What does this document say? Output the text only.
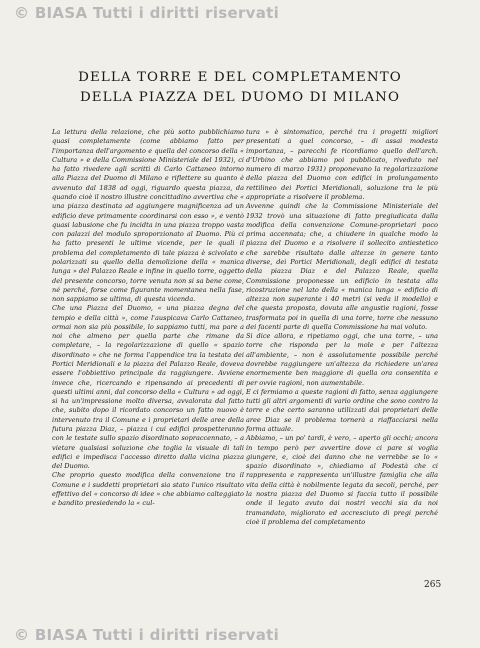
© BIASA Tutti i diritti riservati
DELLA TORRE E DEL COMPLETAMENTO
DELLA PIAZZA DEL DUOMO DI MILANO

La lettura della relazione, che più sotto pubblichiamo quasi completamente (come abbiamo fatto per l'importanza dell'argomento e quella del concorso della « Cultura » e della Commissione Ministeriale del 1932), ci ha fatto rivedere agli scritti di Carlo Cattaneo intorno alla Piazza del Duomo di Milano e riflettere su quanto è avvenuto dal 1838 ad oggi, riguardo questa piazza, da quando cioè il nostro illustre concittadino avvertiva che « una piazza destinata ad aggiungere magnificenza ad un edificio deve primamente coordinarsi con esso », e ventò quasi labusione che fu incidta in una piazza troppo vasta con palazzi del modulo sproporzionato al Duomo. Più ci ha fatto presenti le ultime vicende, per le quali il problema del completamento di tale piazza è scivolato e polarizzati su quello della demolizione della « manica lunga » del Palazzo Reale e infine in quello torre, oggetto del presente concorso, torre venuta non si sa bene come, né perché, forse come figurante momentanea nella fase, non sappiamo se ultima, di questa vicenda.

Che una Piazza del Duomo, « una piazza degna del tempio e della città », come l'auspicava Carlo Cattaneo, ormai non sia più possibile, lo sappiamo tutti, ma pare a noi che almeno per quella parte che rimane da completare, – la regolarizzazione di quello « spazio disordinato » che ne forma l'appendice tra la testata dei Portici Meridionali e la piazza del Palazzo Reale, doveva essere l'obbiettivo principale da raggiungere. Avviene invece che, ricercando e ripensando ai precedenti di questi ultimi anni, dal concorso della « Cultura » ad oggi, si ha un'impressione molto diversa, avvalorata dal fatto che, subito dopo il ricordato concorso un fatto nuovo è intervenuto tra il Comune e i proprietari delle aree della futura piazza Diaz, – piazza i cui edifici prospetteranno con le testate sullo spazio disordinato sopraccennato, – a vietare qualsiasi soluzione che toglia la visuale di tali edifici e impedisca l'accesso diretto dalla vicina piazza del Duomo.

Che proprio questo modifica della convenzione tra il Comune e i suddetti proprietari sia stato l'unico risultato effettivo del « concorso di idee » che abbiamo calteggiato e bandito presiedendo la « cul-

tura » è sintomatico, perché tra i progetti migliori presentati a quel concorso, – di assai modesta importanza, – parecchi fe ricordiamo quello dell'arch. d'Urbino che abbiamo poi pubblicato, riveduto nel numero di marzo 1931) proponevano la regolarizzazione della piazza del Duomo con edifici in prolungamento rettilineo dei Portici Meridionali, soluzione tra le più appropriate a risolvere il problema.

Avvenne quindi che la Commissione Ministeriale del 1932 trovò una situazione di fatto pregiudicata dalla modifica della convenzione Comune-proprietari poco prima accennata; che, a chiudere in qualche modo la piazza del Duomo e a risolvere il sollecito antiestetico che sarebbe risultato dalle altezze in genere tanto diverse, dei Portici Meridionali, degli edifici di testata della piazza Diaz e del Palazzo Reale, quella Commissione proponesse un edificio in testata alla ricostruzione nel lato della « manica lunga » edificio di altezza non superante i 40 metri (si veda il modello) e che questa proposta, dovuta alle angustie ragioni, fosse trasformata poi in quella di una torre, torre che nessuno dei facenti parte di quella Commissione ha mai voluto.

Si dice allora, e ripetiamo oggi, che una torre, – una torre che risponda per la mole e per l'altezza all'ambiente, – non è assolutamente possibile perché dovrebbe raggiungere un'altezza da richiedere un'area enormemente ben maggiore di quella ora consentita e per ovvie ragioni, non aumentabile.

E ci fermiamo a queste ragioni di fatto, senza aggiungere tutti gli altri argomenti di vario ordine che sono contro la torre e che certo saranno utilizzati dai proprietari delle aree Diaz se il problema tornerà a riaffacciarsi nella forma attuale.

Abbiamo, – un po' tardi, è vero, – aperto gli occhi; ancora in tempo però per avvertire dove ci pare si voglia giungere, e, cioè dei danno che ne verrebbe se lo « spazio disordinato », chiediamo al Podestà che ci rappresenta e rappresenta un'illustre famiglia che alla vita della città è nobilmente legata da secoli, perché, per la nostra piazza del Duomo si faccia tutto il possibile onde il legato avuto dai nostri vecchi sia da noi tramandato, migliorato ed accresciuto di pregi perché cioè il problema del completamento

265
© BIASA Tutti i diritti riservati
